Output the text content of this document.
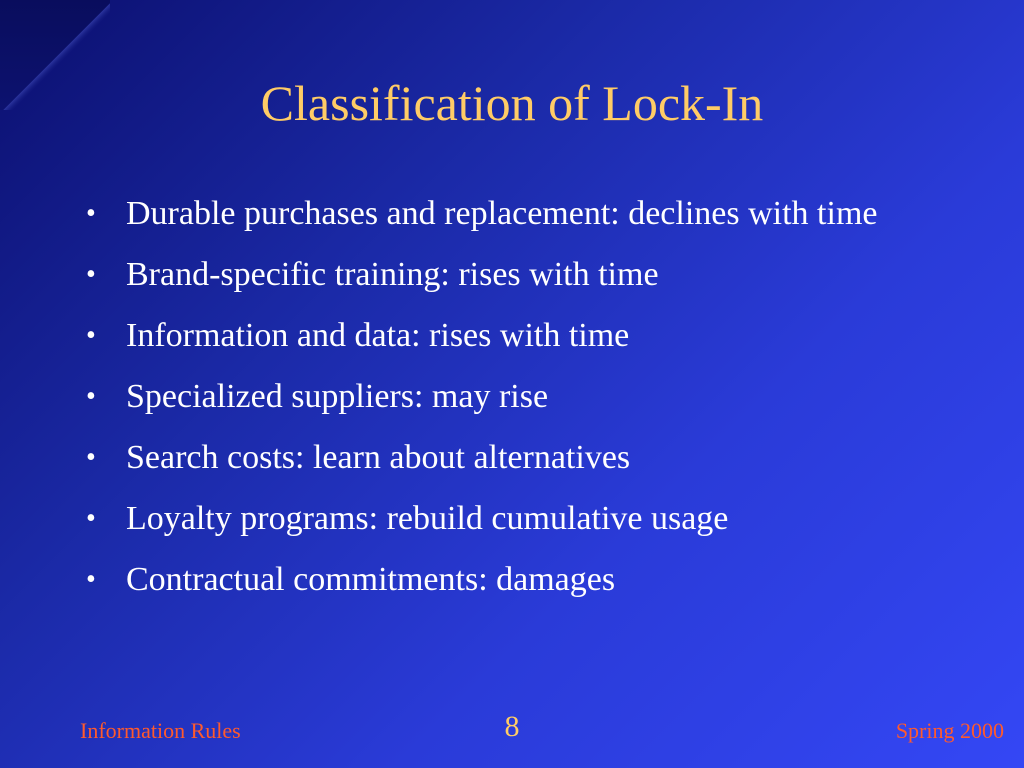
Classification of Lock-In
• Durable purchases and replacement: declines with time
• Brand-specific training: rises with time
• Information and data: rises with time
• Specialized suppliers: may rise
• Search costs: learn about alternatives
• Loyalty programs: rebuild cumulative usage
• Contractual commitments: damages
Information Rules	8	Spring 2000
